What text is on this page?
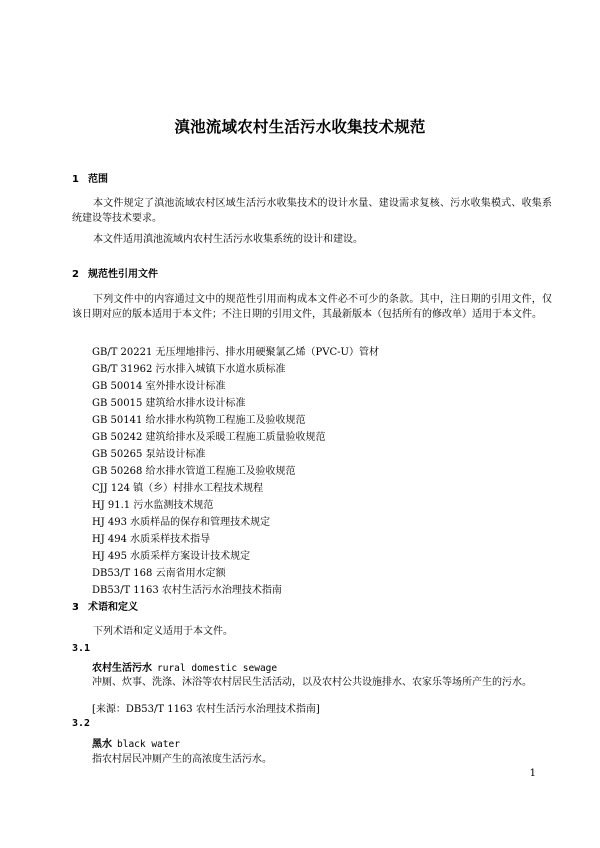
滇池流域农村生活污水收集技术规范
1 范围
本文件规定了滇池流域农村区域生活污水收集技术的设计水量、建设需求复核、污水收集模式、收集系统建设等技术要求。
本文件适用滇池流域内农村生活污水收集系统的设计和建设。
2 规范性引用文件
下列文件中的内容通过文中的规范性引用而构成本文件必不可少的条款。其中，注日期的引用文件，仅该日期对应的版本适用于本文件；不注日期的引用文件，其最新版本（包括所有的修改单）适用于本文件。
GB/T 20221 无压埋地排污、排水用硬聚氯乙烯（PVC-U）管材
GB/T 31962 污水排入城镇下水道水质标准
GB 50014 室外排水设计标准
GB 50015 建筑给水排水设计标准
GB 50141 给水排水构筑物工程施工及验收规范
GB 50242 建筑给排水及采暖工程施工质量验收规范
GB 50265 泵站设计标准
GB 50268 给水排水管道工程施工及验收规范
CJJ 124 镇（乡）村排水工程技术规程
HJ 91.1 污水监测技术规范
HJ 493 水质样品的保存和管理技术规定
HJ 494 水质采样技术指导
HJ 495 水质采样方案设计技术规定
DB53/T 168 云南省用水定额
DB53/T 1163 农村生活污水治理技术指南
3 术语和定义
下列术语和定义适用于本文件。
3.1
农村生活污水 rural domestic sewage
冲厕、炊事、洗涤、沐浴等农村居民生活活动，以及农村公共设施排水、农家乐等场所产生的污水。
[来源：DB53/T 1163 农村生活污水治理技术指南]
3.2
黑水 black water
指农村居民冲厕产生的高浓度生活污水。
1
